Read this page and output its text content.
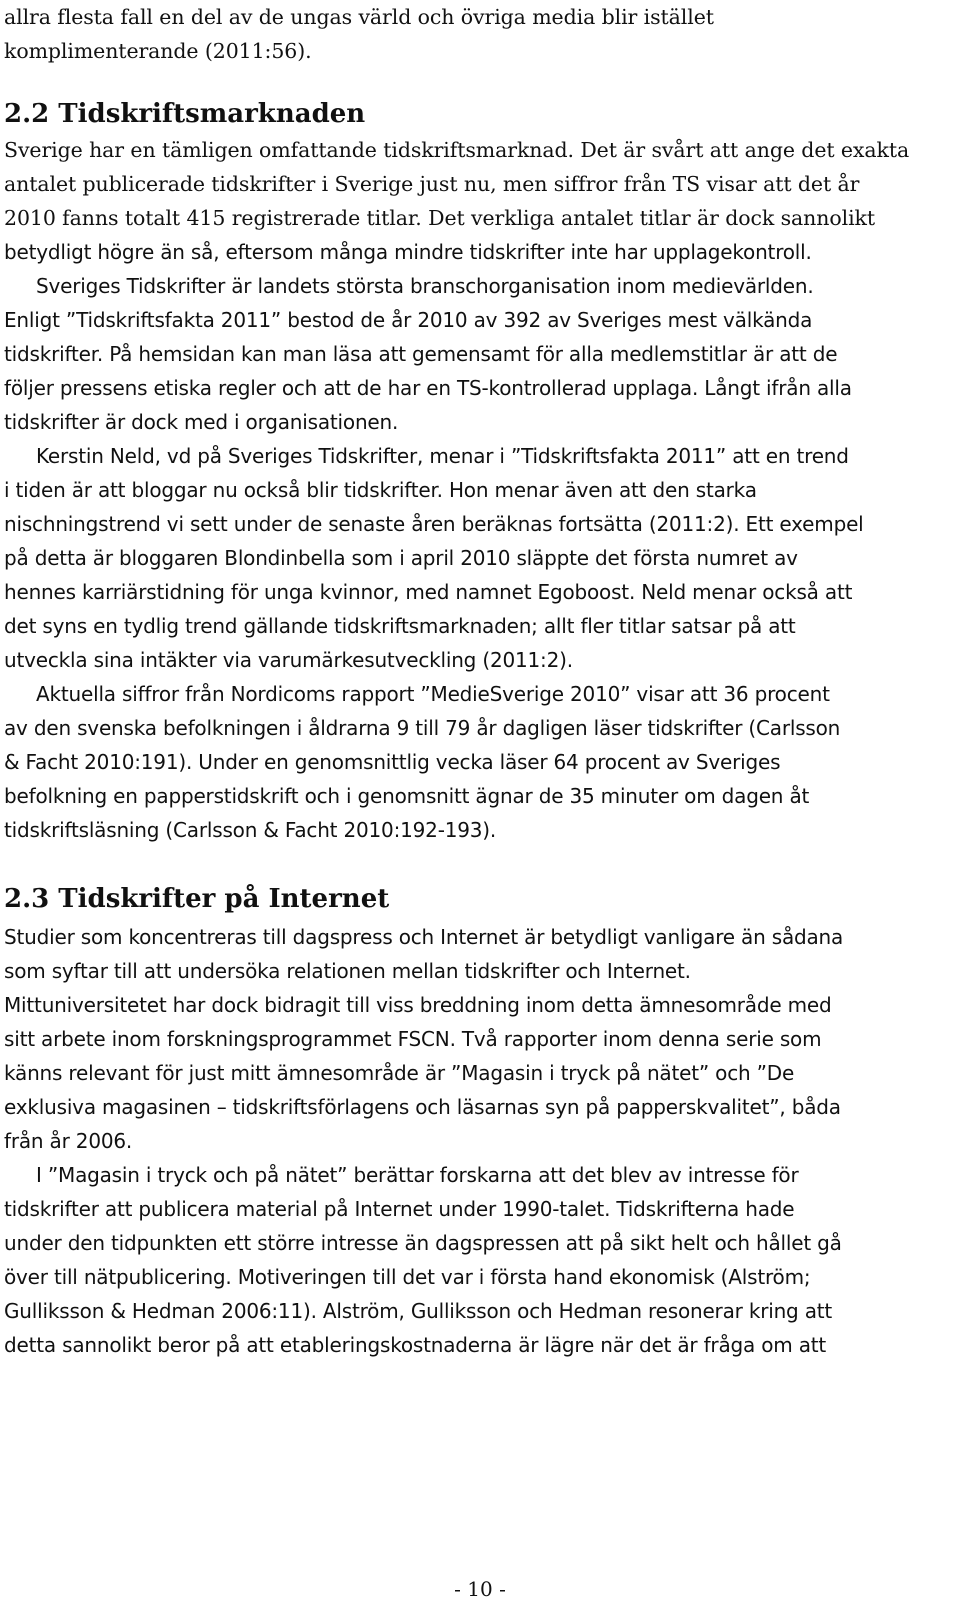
allra flesta fall en del av de ungas värld och övriga media blir istället
komplimenterande (2011:56).
2.2 Tidskriftsmarknaden
Sverige har en tämligen omfattande tidskriftsmarknad. Det är svårt att ange det exakta
antalet publicerade tidskrifter i Sverige just nu, men siffror från TS visar att det år
2010 fanns totalt 415 registrerade titlar. Det verkliga antalet titlar är dock sannolikt
betydligt högre än så, eftersom många mindre tidskrifter inte har upplagekontroll.
Sveriges Tidskrifter är landets största branschorganisation inom medievärlden.
Enligt ”Tidskriftsfakta 2011” bestod de år 2010 av 392 av Sveriges mest välkända
tidskrifter. På hemsidan kan man läsa att gemensamt för alla medlemstitlar är att de
följer pressens etiska regler och att de har en TS-kontrollerad upplaga. Långt ifrån alla
tidskrifter är dock med i organisationen.
Kerstin Neld, vd på Sveriges Tidskrifter, menar i ”Tidskriftsfakta 2011” att en trend
i tiden är att bloggar nu också blir tidskrifter. Hon menar även att den starka
nischningstrend vi sett under de senaste åren beräknas fortsätta (2011:2). Ett exempel
på detta är bloggaren Blondinbella som i april 2010 släppte det första numret av
hennes karriärstidning för unga kvinnor, med namnet Egoboost. Neld menar också att
det syns en tydlig trend gällande tidskriftsmarknaden; allt fler titlar satsar på att
utveckla sina intäkter via varumärkesutveckling (2011:2).
Aktuella siffror från Nordicoms rapport ”MedieSverige 2010” visar att 36 procent
av den svenska befolkningen i åldrarna 9 till 79 år dagligen läser tidskrifter (Carlsson
& Facht 2010:191). Under en genomsnittlig vecka läser 64 procent av Sveriges
befolkning en papperstidskrift och i genomsnitt ägnar de 35 minuter om dagen åt
tidskriftsläsning (Carlsson & Facht 2010:192-193).
2.3 Tidskrifter på Internet
Studier som koncentreras till dagspress och Internet är betydligt vanligare än sådana
som syftar till att undersöka relationen mellan tidskrifter och Internet.
Mittuniversitetet har dock bidragit till viss breddning inom detta ämnesområde med
sitt arbete inom forskningsprogrammet FSCN. Två rapporter inom denna serie som
känns relevant för just mitt ämnesområde är ”Magasin i tryck på nätet” och ”De
exklusiva magasinen – tidskriftsförlagens och läsarnas syn på papperskvalitet”, båda
från år 2006.
I ”Magasin i tryck och på nätet” berättar forskarna att det blev av intresse för
tidskrifter att publicera material på Internet under 1990-talet. Tidskrifterna hade
under den tidpunkten ett större intresse än dagspressen att på sikt helt och hållet gå
över till nätpublicering. Motiveringen till det var i första hand ekonomisk (Alström;
Gulliksson & Hedman 2006:11). Alström, Gulliksson och Hedman resonerar kring att
detta sannolikt beror på att etableringskostnaderna är lägre när det är fråga om att
- 10 -
